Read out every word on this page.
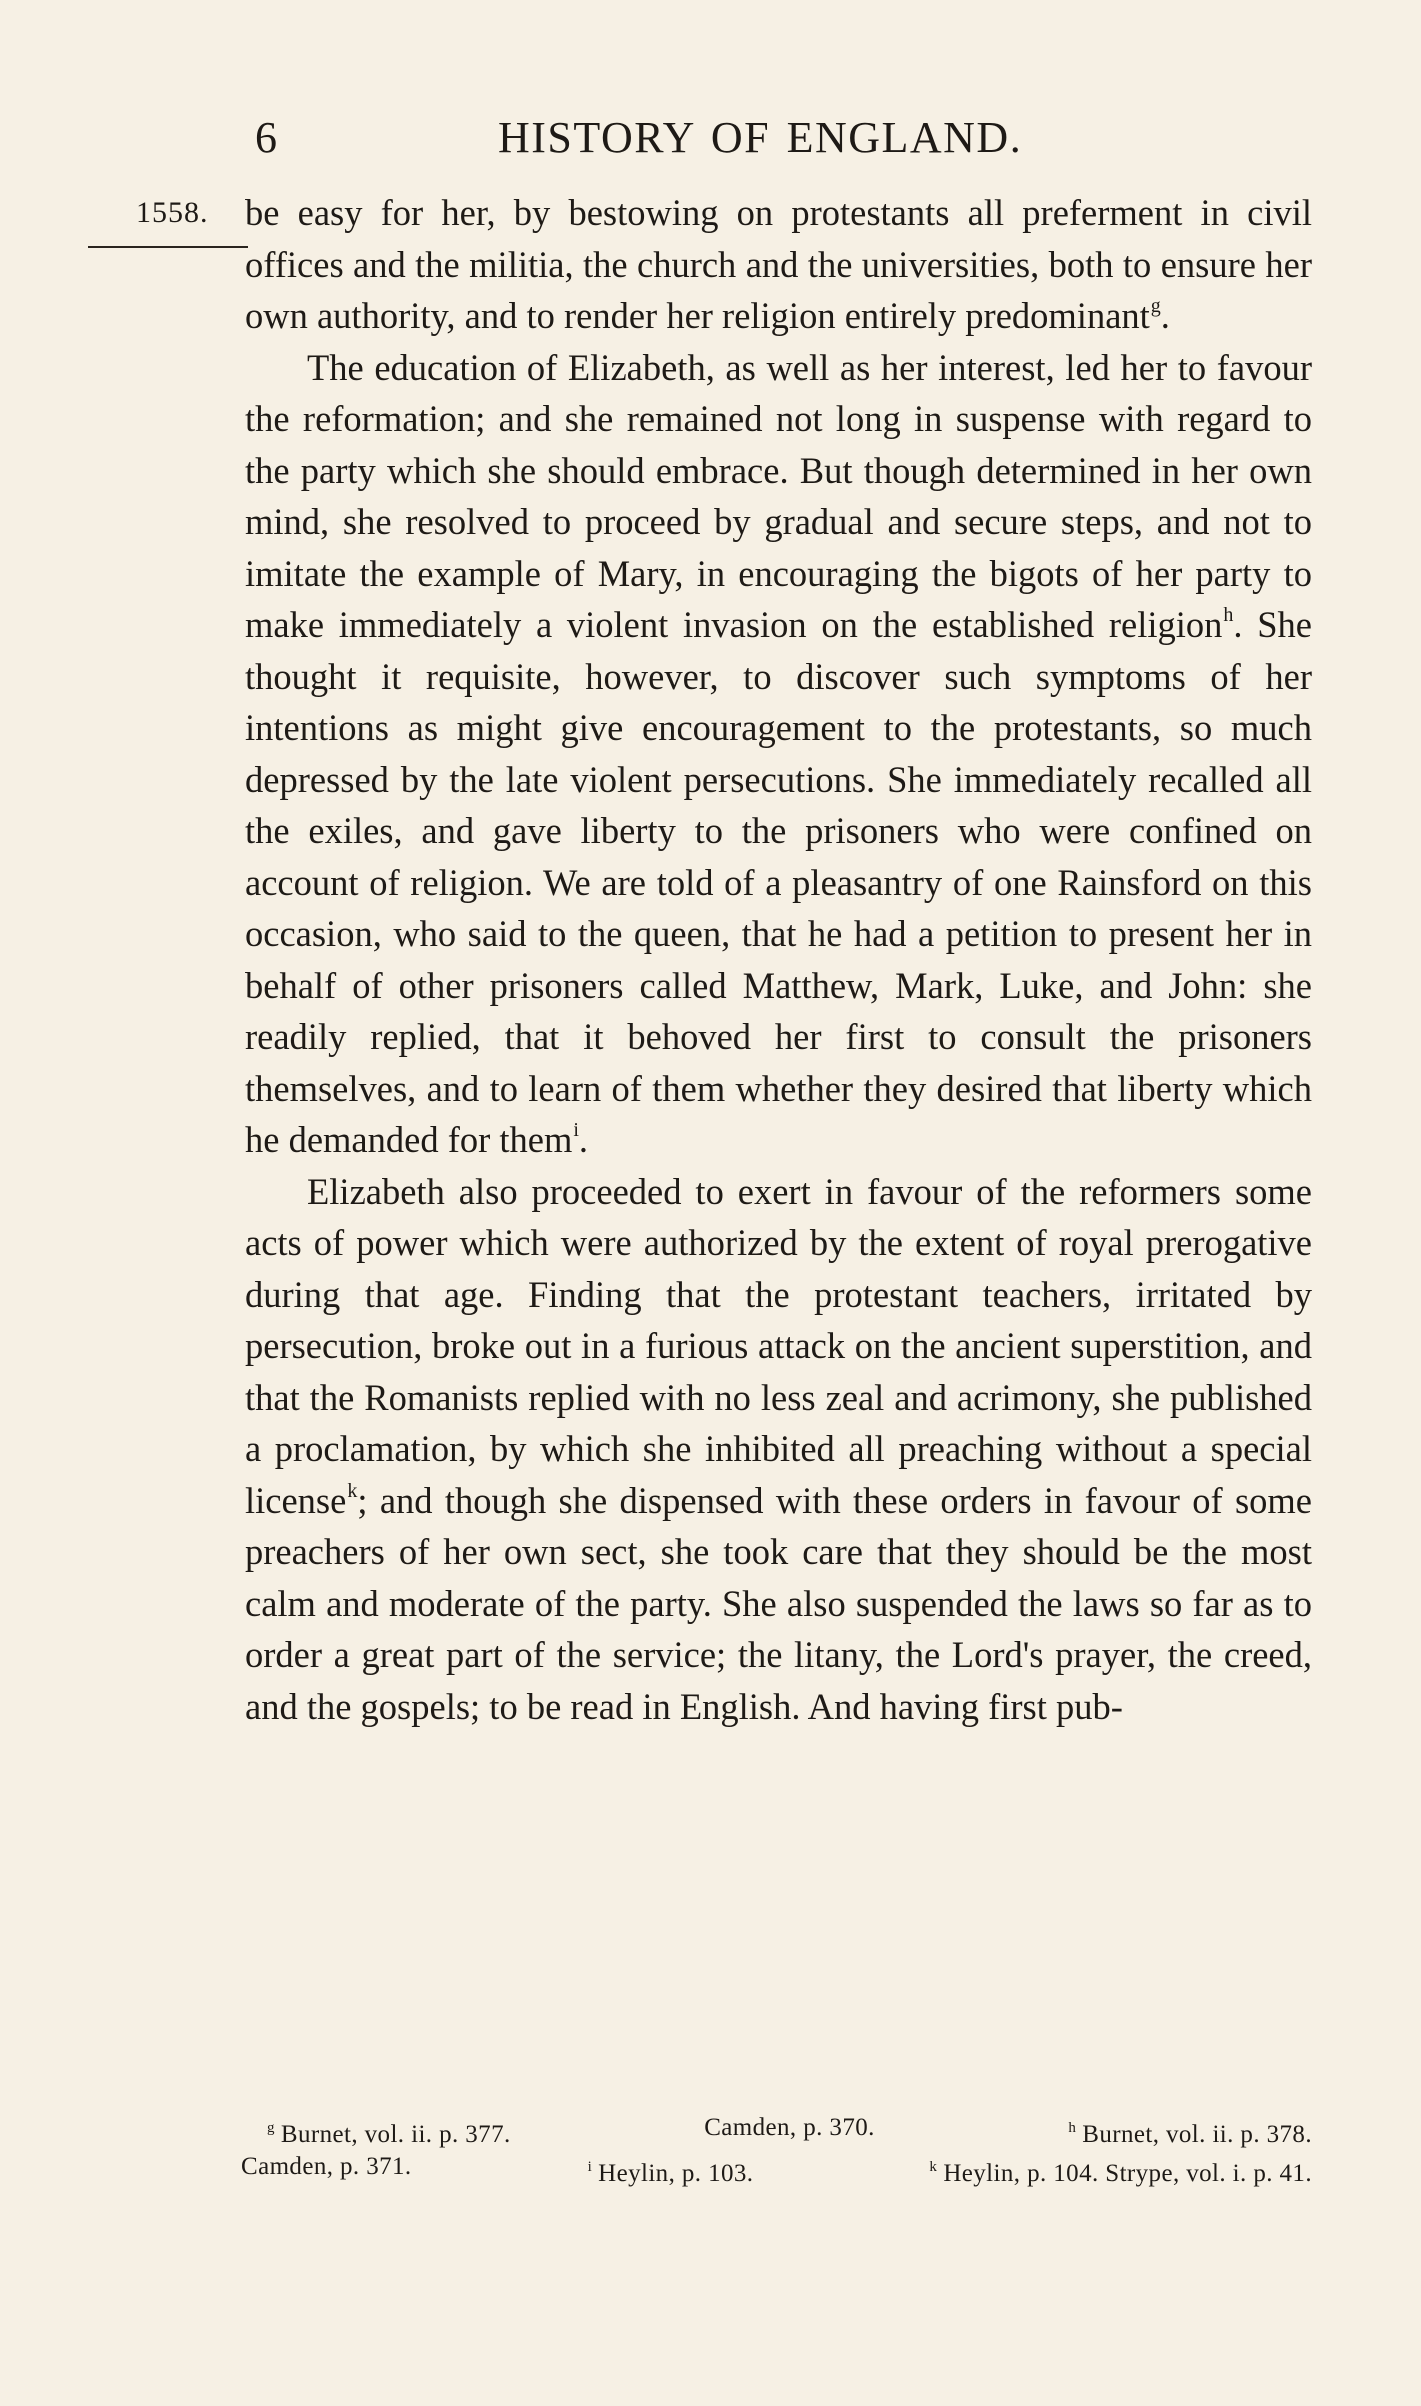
6	HISTORY OF ENGLAND.
1558. be easy for her, by bestowing on protestants all preferment in civil offices and the militia, the church and the universities, both to ensure her own authority, and to render her religion entirely predominant$^g$.

The education of Elizabeth, as well as her interest, led her to favour the reformation; and she remained not long in suspense with regard to the party which she should embrace. But though determined in her own mind, she resolved to proceed by gradual and secure steps, and not to imitate the example of Mary, in encouraging the bigots of her party to make immediately a violent invasion on the established religion$^h$. She thought it requisite, however, to discover such symptoms of her intentions as might give encouragement to the protestants, so much depressed by the late violent persecutions. She immediately recalled all the exiles, and gave liberty to the prisoners who were confined on account of religion. We are told of a pleasantry of one Rainsford on this occasion, who said to the queen, that he had a petition to present her in behalf of other prisoners called Matthew, Mark, Luke, and John: she readily replied, that it behoved her first to consult the prisoners themselves, and to learn of them whether they desired that liberty which he demanded for them$^i$.

Elizabeth also proceeded to exert in favour of the reformers some acts of power which were authorized by the extent of royal prerogative during that age. Finding that the protestant teachers, irritated by persecution, broke out in a furious attack on the ancient superstition, and that the Romanists replied with no less zeal and acrimony, she published a proclamation, by which she inhibited all preaching without a special license$^k$; and though she dispensed with these orders in favour of some preachers of her own sect, she took care that they should be the most calm and moderate of the party. She also suspended the laws so far as to order a great part of the service; the litany, the Lord's prayer, the creed, and the gospels; to be read in English. And having first pub-

$^g$ Burnet, vol. ii. p. 377.	Camden, p. 370.	$^h$ Burnet, vol. ii. p. 378.
Camden, p. 371.	$^i$ Heylin, p. 103.	$^k$ Heylin, p. 104. Strype, vol. i. p. 41.
